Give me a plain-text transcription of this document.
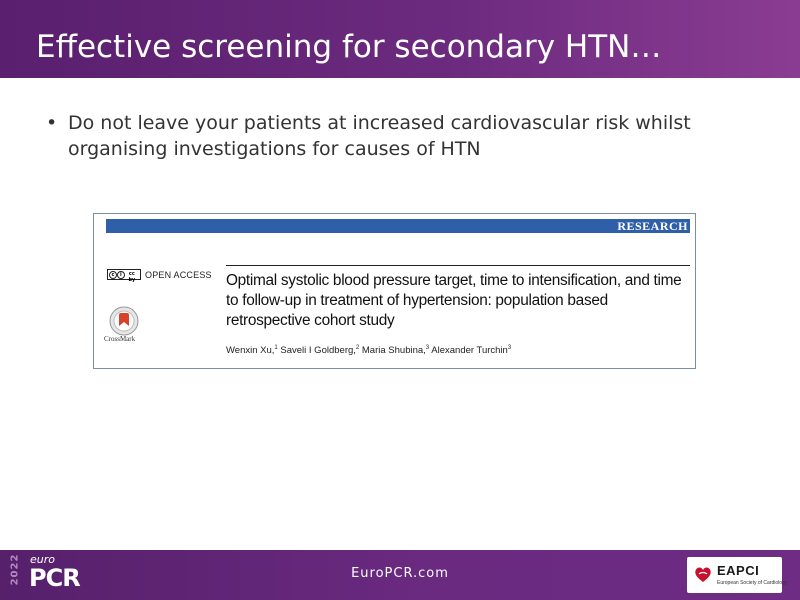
Effective screening for secondary HTN…
• Do not leave your patients at increased cardiovascular risk whilst organising investigations for causes of HTN
RESEARCH
c	i	cc by	OPEN ACCESS
CrossMark
Optimal systolic blood pressure target, time to intensification, and time to follow-up in treatment of hypertension: population based retrospective cohort study
Wenxin Xu,$^1$ Saveli I Goldberg,$^2$ Maria Shubina,$^3$ Alexander Turchin$^3$
2022 euro
PCR	EuroPCR.com	EAPCI
European Society of Cardiology
